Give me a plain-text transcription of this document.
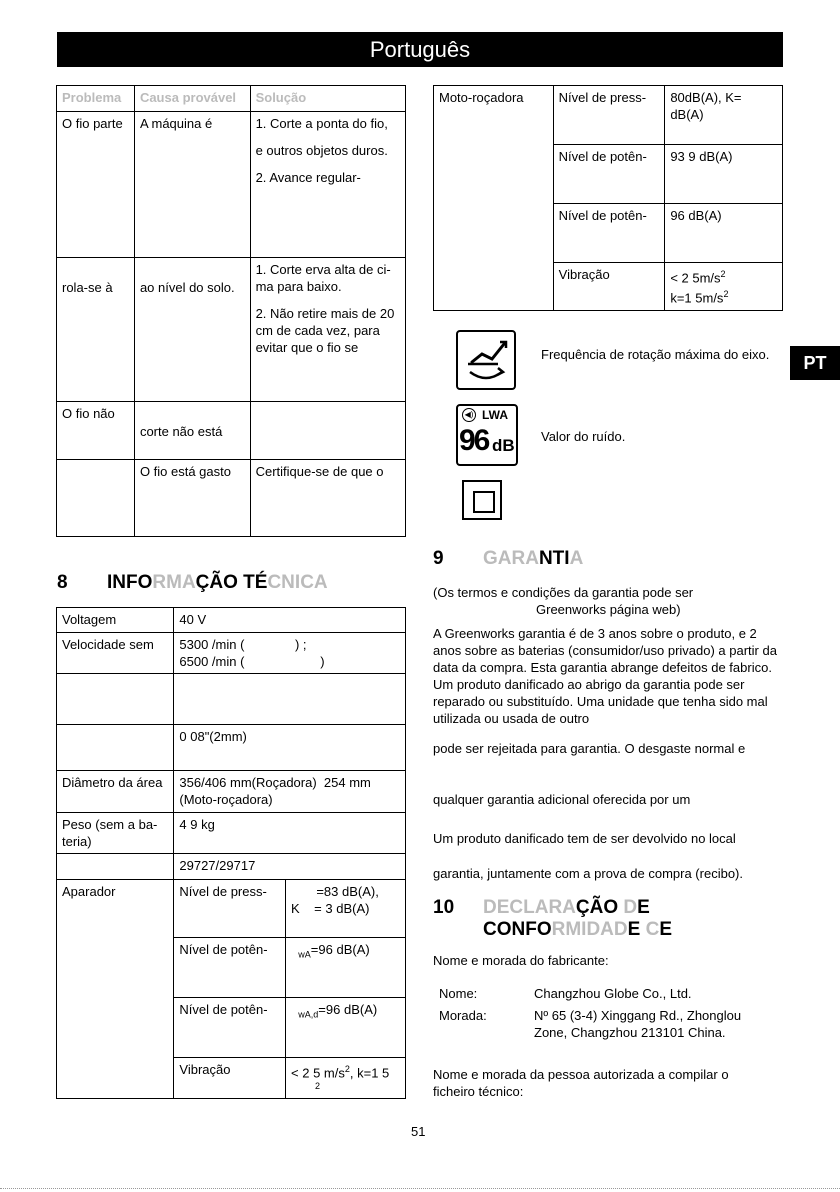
Português
PT
Problema	Causa provável	Solução
O fio parte	A máquina é	1. Corte a ponta do fio,

e outros objetos duros.

2. Avance regular-

rola-se à	ao nível do solo.	1. Corte erva alta de ci-ma para baixo.

2. Não retire mais de 20 cm de cada vez, para evitar que o fio se

O fio não	corte não está	
	O fio está gasto	Certifique-se de que o
8 INFORMAÇÃO TÉCNICA
Voltagem	40 V	
Velocidade sem	5300 /min (              ) ;
6500 /min (                     )	

	0 08"(2mm)	
Diâmetro da área	356/406 mm(Roçadora)  254 mm
(Moto-roçadora)	

Peso (sem a ba-teria)	4 9 kg	
	29727/29717	
Aparador	Nível de press-	=83 dB(A),
K    = 3 dB(A)

	Nível de potên-	$_{wA}$=96 dB(A)
	Nível de potên-	$_{wA,d}$=96 dB(A)
	Vibração	< 2 5 $m/s^2$, k=1 5
2
Moto-roçadora	Nível de press-	80dB(A), K=
dB(A)

	Nível de potên-	93 9 dB(A)
	Nível de potên-	96 dB(A)
	Vibração	< 2 $5m/s^2$
k=1 $5m/s^2$
Frequência de rotação máxima do eixo.
◀) LWA
96 dB Valor do ruído.
9 GARANTIA
(Os termos e condições da garantia pode ser
Greenworks página web)
A Greenworks garantia é de 3 anos sobre o produto, e 2 anos sobre as baterias (consumidor/uso privado) a partir da data da compra. Esta garantia abrange defeitos de fabrico. Um produto danificado ao abrigo da garantia pode ser reparado ou substituído. Uma unidade que tenha sido mal utilizada ou usada de outro
pode ser rejeitada para garantia. O desgaste normal e
qualquer garantia adicional oferecida por um
Um produto danificado tem de ser devolvido no local
garantia, juntamente com a prova de compra (recibo).
10 DECLARAÇÃO DE
CONFORMIDADE CE
Nome e morada do fabricante:
Nome:	Changzhou Globe Co., Ltd.
Morada:	Nº 65 (3-4) Xinggang Rd., Zhonglou Zone, Changzhou 213101 China.
Nome e morada da pessoa autorizada a compilar o ficheiro técnico:
51
